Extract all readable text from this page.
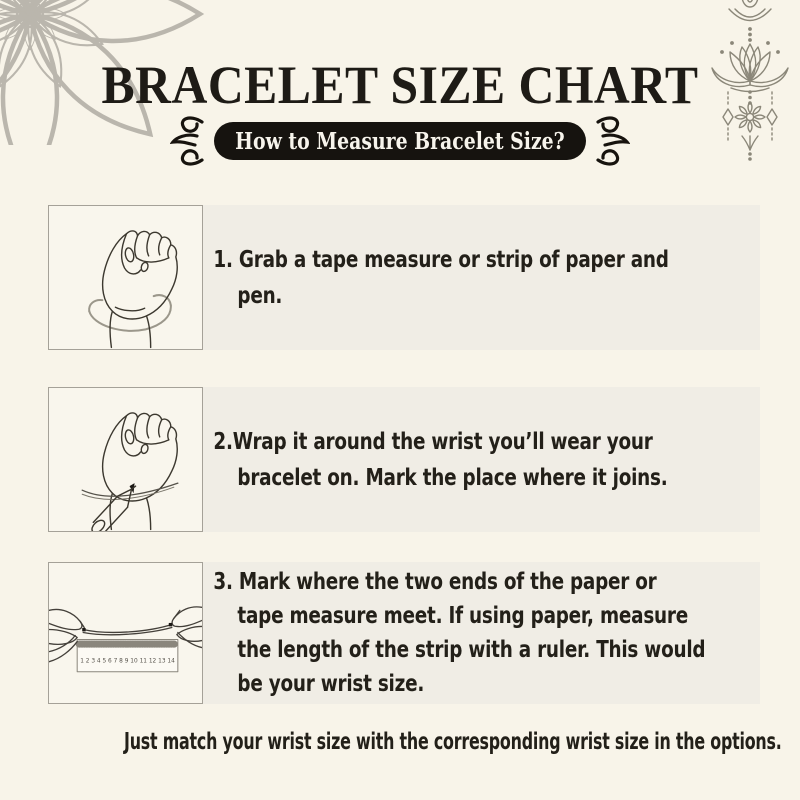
BRACELET SIZE CHART
How to Measure Bracelet Size?
1. Grab a tape measure or strip of paper and
pen.
2.Wrap it around the wrist you’ll wear your
bracelet on. Mark the place where it joins.
1 2 3 4 5 6 7 8 9 10 11 12 13 14
3. Mark where the two ends of the paper or
tape measure meet. If using paper, measure
the length of the strip with a ruler. This would
be your wrist size.
Just match your wrist size with the corresponding wrist size in the options.
